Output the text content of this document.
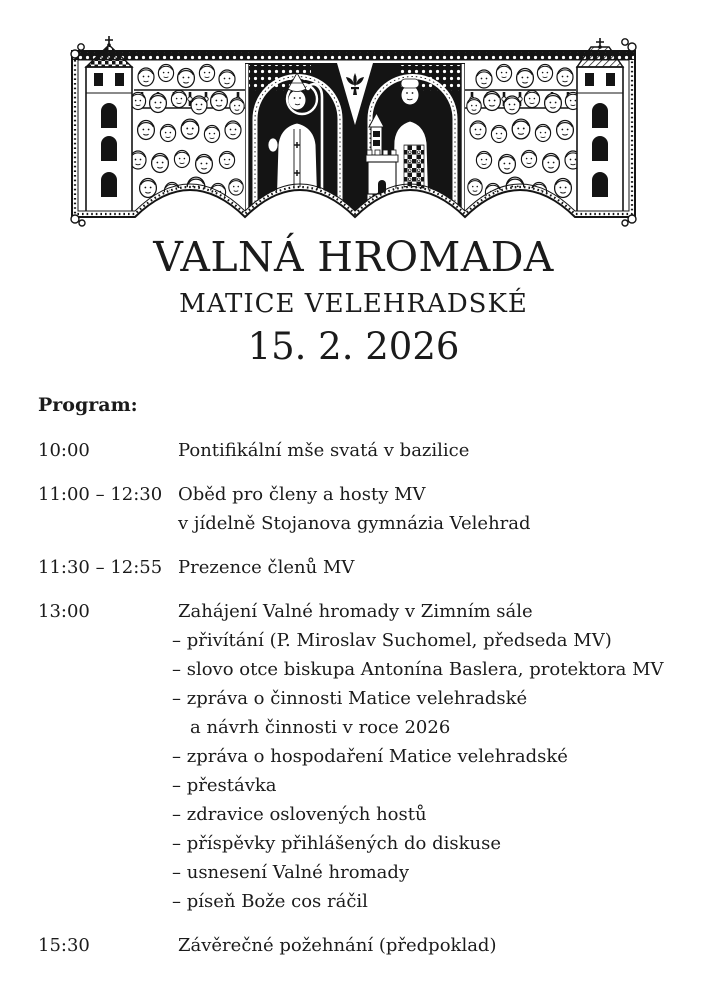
VALNÁ HROMADA
MATICE VELEHRADSKÉ
15. 2. 2026
Program:
10:00	Pontifikální mše svatá v bazilice
11:00 – 12:30 Oběd pro členy a hosty MV
v jídelně Stojanova gymnázia Velehrad
11:30 – 12:55 Prezence členů MV
13:00	Zahájení Valné hromady v Zimním sále
– přivítání (P. Miroslav Suchomel, předseda MV)
– slovo otce biskupa Antonína Baslera, protektora MV
– zpráva o činnosti Matice velehradské
a návrh činnosti v roce 2026
– zpráva o hospodaření Matice velehradské
– přestávka
– zdravice oslovených hostů
– příspěvky přihlášených do diskuse
– usnesení Valné hromady
– píseň Bože cos ráčil
15:30	Závěrečné požehnání (předpoklad)
